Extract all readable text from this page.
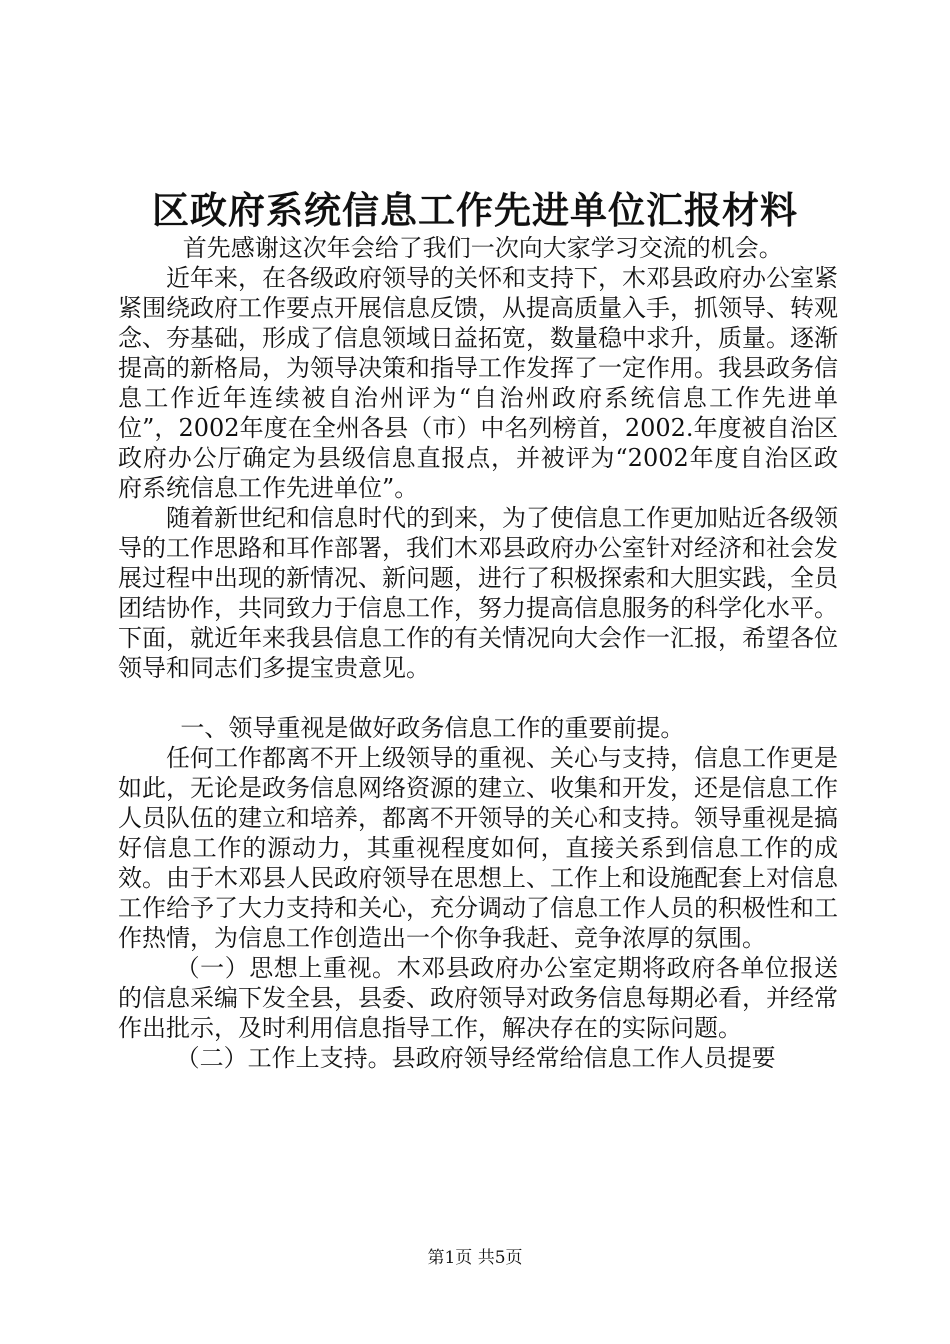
区政府系统信息工作先进单位汇报材料

首先感谢这次年会给了我们一次向大家学习交流的机会。

近年来，在各级政府领导的关怀和支持下，木邓县政府办公室紧紧围绕政府工作要点开展信息反馈，从提高质量入手，抓领导、转观念、夯基础，形成了信息领域日益拓宽，数量稳中求升，质量。逐渐提高的新格局，为领导决策和指导工作发挥了一定作用。我县政务信息工作近年连续被自治州评为“自治州政府系统信息工作先进单位”，2002年度在全州各县（市）中名列榜首，2002.年度被自治区政府办公厅确定为县级信息直报点，并被评为“2002年度自治区政府系统信息工作先进单位”。

随着新世纪和信息时代的到来，为了使信息工作更加贴近各级领导的工作思路和耳作部署，我们木邓县政府办公室针对经济和社会发展过程中出现的新情况、新问题，进行了积极探索和大胆实践，全员团结协作，共同致力于信息工作，努力提高信息服务的科学化水平。下面，就近年来我县信息工作的有关情况向大会作一汇报，希望各位领导和同志们多提宝贵意见。

一、领导重视是做好政务信息工作的重要前提。

任何工作都离不开上级领导的重视、关心与支持，信息工作更是如此，无论是政务信息网络资源的建立、收集和开发，还是信息工作人员队伍的建立和培养，都离不开领导的关心和支持。领导重视是搞好信息工作的源动力，其重视程度如何，直接关系到信息工作的成效。由于木邓县人民政府领导在思想上、工作上和设施配套上对信息工作给予了大力支持和关心，充分调动了信息工作人员的积极性和工作热情，为信息工作创造出一个你争我赶、竞争浓厚的氛围。

（一）思想上重视。木邓县政府办公室定期将政府各单位报送的信息采编下发全县，县委、政府领导对政务信息每期必看，并经常作出批示，及时利用信息指导工作，解决存在的实际问题。

（二）工作上支持。县政府领导经常给信息工作人员提要

第1页 共5页
